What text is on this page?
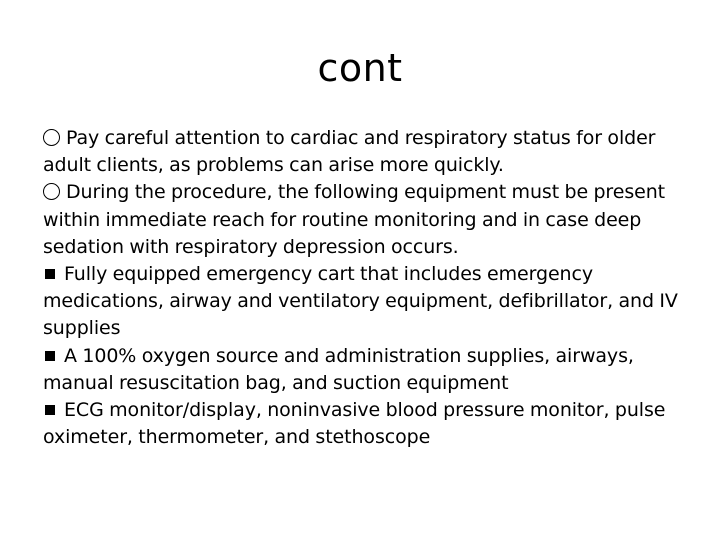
cont

Pay careful attention to cardiac and respiratory status for older adult clients, as problems can arise more quickly.

During the procedure, the following equipment must be present within immediate reach for routine monitoring and in case deep sedation with respiratory depression occurs.

Fully equipped emergency cart that includes emergency medications, airway and ventilatory equipment, defibrillator, and IV supplies

A 100% oxygen source and administration supplies, airways, manual resuscitation bag, and suction equipment

ECG monitor/display, noninvasive blood pressure monitor, pulse oximeter, thermometer, and stethoscope
